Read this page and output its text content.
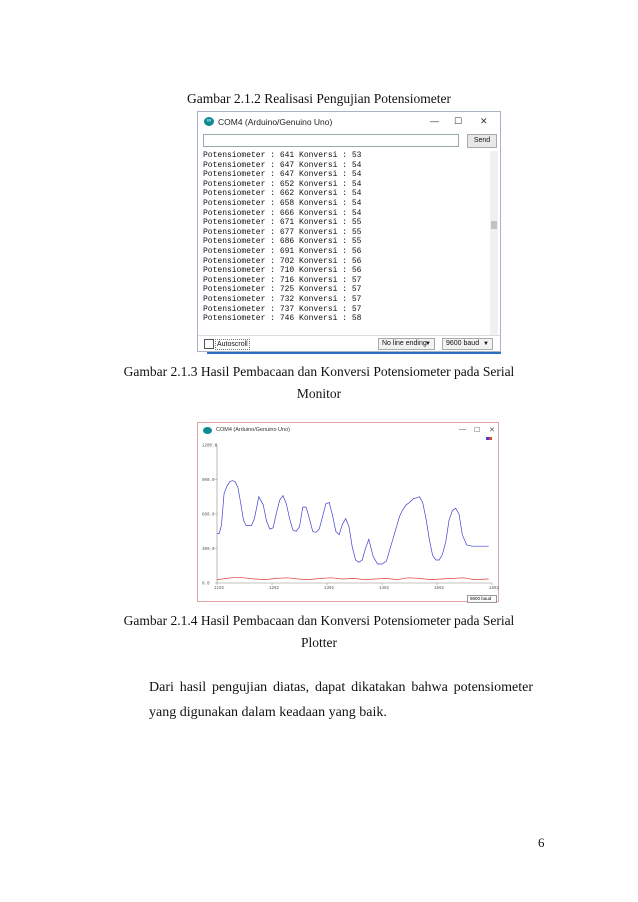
Gambar 2.1.2 Realisasi Pengujian Potensiometer
∞ COM4 (Arduino/Genuino Uno)	— ☐ ✕
Send
Potensiometer : 641 Konversi : 53
Potensiometer : 647 Konversi : 54
Potensiometer : 647 Konversi : 54
Potensiometer : 652 Konversi : 54
Potensiometer : 662 Konversi : 54
Potensiometer : 658 Konversi : 54
Potensiometer : 666 Konversi : 54
Potensiometer : 671 Konversi : 55
Potensiometer : 677 Konversi : 55
Potensiometer : 686 Konversi : 55
Potensiometer : 691 Konversi : 56
Potensiometer : 702 Konversi : 56
Potensiometer : 710 Konversi : 56
Potensiometer : 716 Konversi : 57
Potensiometer : 725 Konversi : 57
Potensiometer : 732 Konversi : 57
Potensiometer : 737 Konversi : 57
Potensiometer : 746 Konversi : 58
Autoscroll	No line ending
▼	9600 baud ▼
Gambar 2.1.3 Hasil Pembacaan dan Konversi Potensiometer pada Serial
Monitor
COM4 (Arduino/Genuino Uno)	— ☐ ✕
1200.0
900.0
600.0
300.0
0.0
1192	1292	1392	1492	1592	1692
9600 baud
Gambar 2.1.4 Hasil Pembacaan dan Konversi Potensiometer pada Serial
Plotter
Dari hasil pengujian diatas, dapat dikatakan bahwa potensiometer yang digunakan dalam keadaan yang baik.
6
